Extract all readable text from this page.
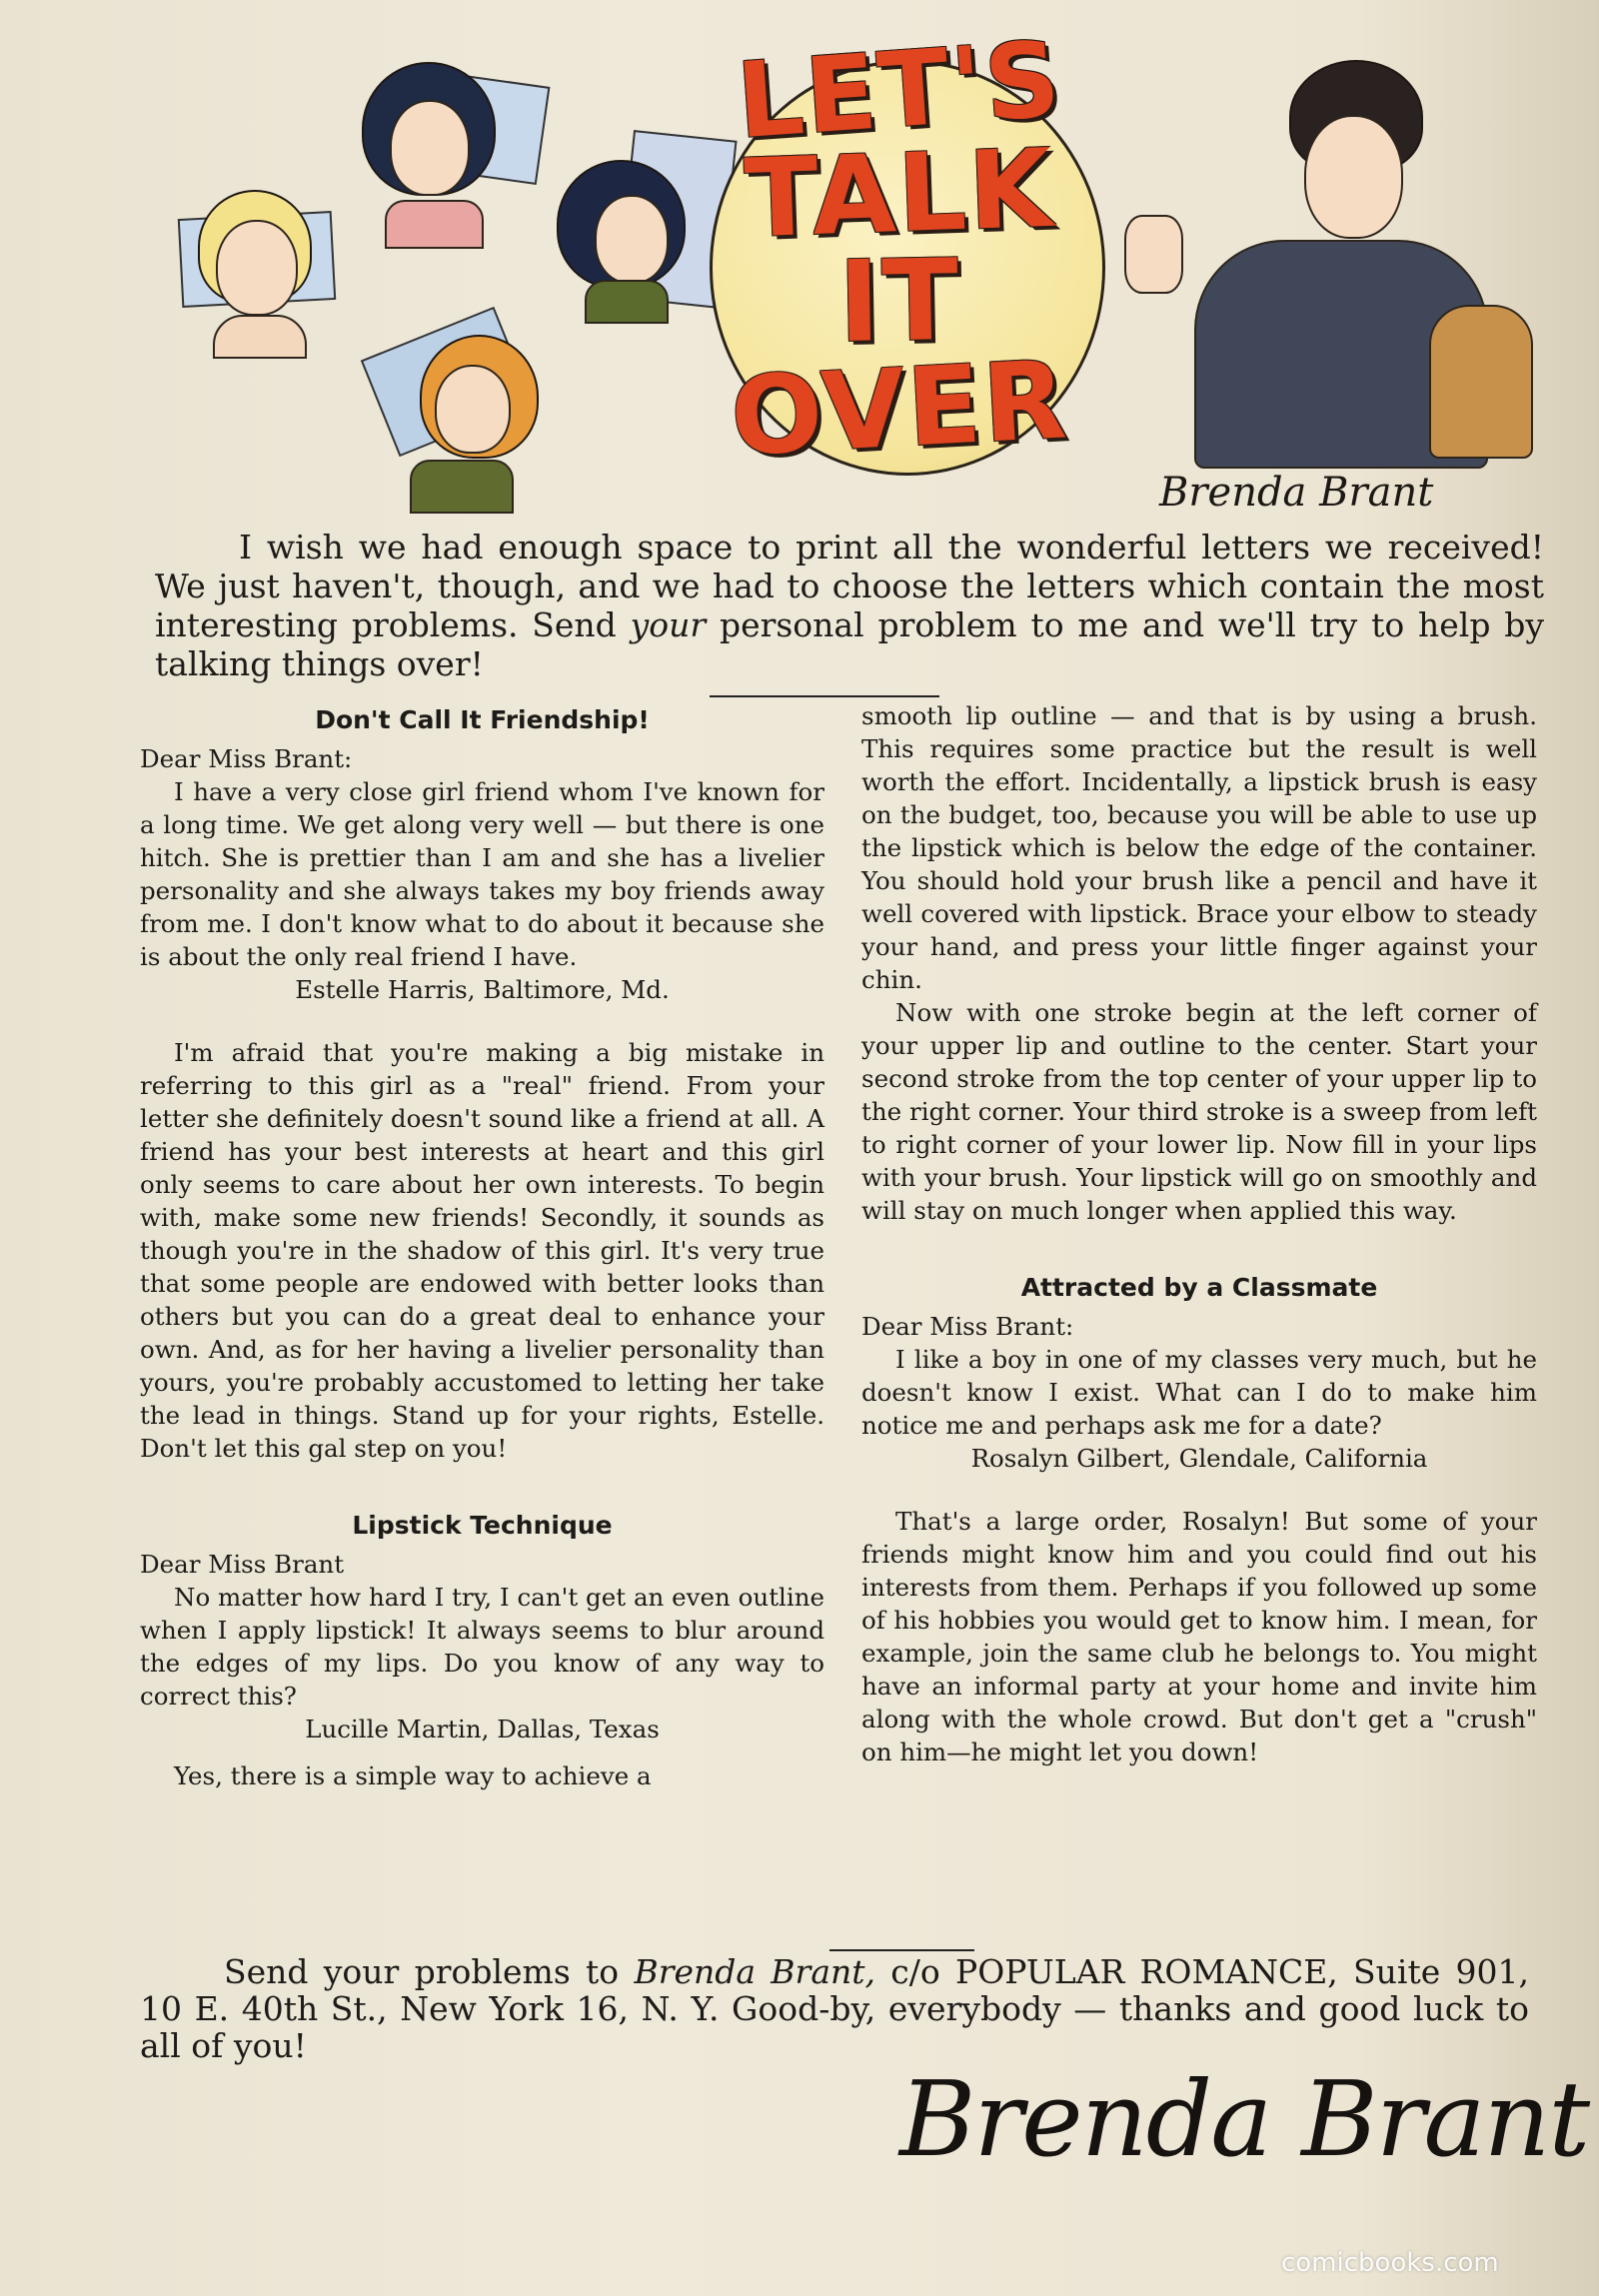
LET'S
TALK
IT
OVER
Brenda Brant
I wish we had enough space to print all the wonderful letters we received! We just haven't, though, and we had to choose the letters which contain the most interesting problems. Send your personal problem to me and we'll try to help by talking things over!
Don't Call It Friendship!
Dear Miss Brant:

I have a very close girl friend whom I've known for a long time. We get along very well — but there is one hitch. She is prettier than I am and she has a livelier personality and she always takes my boy friends away from me. I don't know what to do about it because she is about the only real friend I have.

Estelle Harris, Baltimore, Md.

I'm afraid that you're making a big mistake in referring to this girl as a "real" friend. From your letter she definitely doesn't sound like a friend at all. A friend has your best interests at heart and this girl only seems to care about her own interests. To begin with, make some new friends! Secondly, it sounds as though you're in the shadow of this girl. It's very true that some people are endowed with better looks than others but you can do a great deal to enhance your own. And, as for her having a livelier personality than yours, you're probably accustomed to letting her take the lead in things. Stand up for your rights, Estelle. Don't let this gal step on you!

Lipstick Technique
Dear Miss Brant

No matter how hard I try, I can't get an even outline when I apply lipstick! It always seems to blur around the edges of my lips. Do you know of any way to correct this?

Lucille Martin, Dallas, Texas

Yes, there is a simple way to achieve a

smooth lip outline — and that is by using a brush. This requires some practice but the result is well worth the effort. Incidentally, a lipstick brush is easy on the budget, too, because you will be able to use up the lipstick which is below the edge of the container. You should hold your brush like a pencil and have it well covered with lipstick. Brace your elbow to steady your hand, and press your little finger against your chin.

Now with one stroke begin at the left corner of your upper lip and outline to the center. Start your second stroke from the top center of your upper lip to the right corner. Your third stroke is a sweep from left to right corner of your lower lip. Now fill in your lips with your brush. Your lipstick will go on smoothly and will stay on much longer when applied this way.

Attracted by a Classmate
Dear Miss Brant:

I like a boy in one of my classes very much, but he doesn't know I exist. What can I do to make him notice me and perhaps ask me for a date?

Rosalyn Gilbert, Glendale, California

That's a large order, Rosalyn! But some of your friends might know him and you could find out his interests from them. Perhaps if you followed up some of his hobbies you would get to know him. I mean, for example, join the same club he belongs to. You might have an informal party at your home and invite him along with the whole crowd. But don't get a "crush" on him—he might let you down!

Send your problems to Brenda Brant, c/o POPULAR ROMANCE, Suite 901, 10 E. 40th St., New York 16, N. Y. Good-by, everybody — thanks and good luck to all of you!
Brenda Brant
comicbooks.com
